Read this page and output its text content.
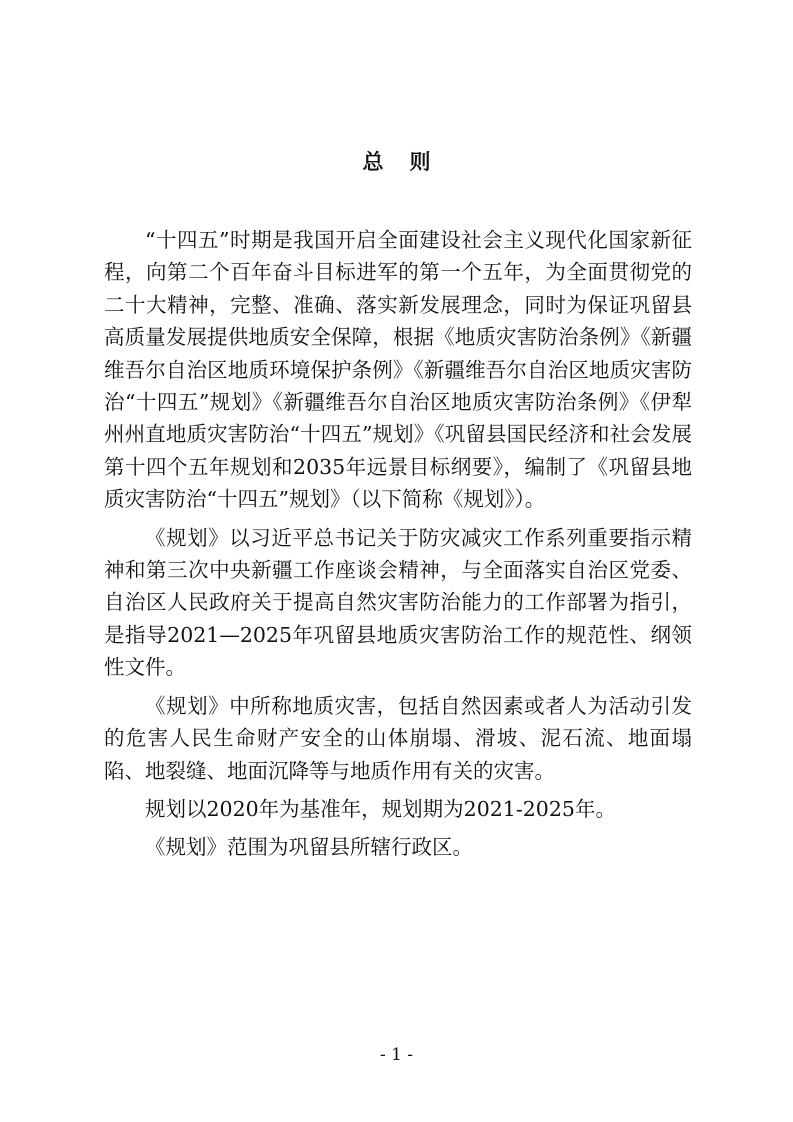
总 则

“十四五”时期是我国开启全面建设社会主义现代化国家新征程，向第二个百年奋斗目标进军的第一个五年，为全面贯彻党的二十大精神，完整、准确、落实新发展理念，同时为保证巩留县高质量发展提供地质安全保障，根据《地质灾害防治条例》《新疆维吾尔自治区地质环境保护条例》《新疆维吾尔自治区地质灾害防治“十四五”规划》《新疆维吾尔自治区地质灾害防治条例》《伊犁州州直地质灾害防治“十四五”规划》《巩留县国民经济和社会发展第十四个五年规划和2035年远景目标纲要》，编制了《巩留县地质灾害防治“十四五”规划》（以下简称《规划》）。

《规划》以习近平总书记关于防灾减灾工作系列重要指示精神和第三次中央新疆工作座谈会精神，与全面落实自治区党委、自治区人民政府关于提高自然灾害防治能力的工作部署为指引，是指导2021—2025年巩留县地质灾害防治工作的规范性、纲领性文件。

《规划》中所称地质灾害，包括自然因素或者人为活动引发的危害人民生命财产安全的山体崩塌、滑坡、泥石流、地面塌陷、地裂缝、地面沉降等与地质作用有关的灾害。

规划以2020年为基准年，规划期为2021-2025年。

《规划》范围为巩留县所辖行政区。

- 1 -
